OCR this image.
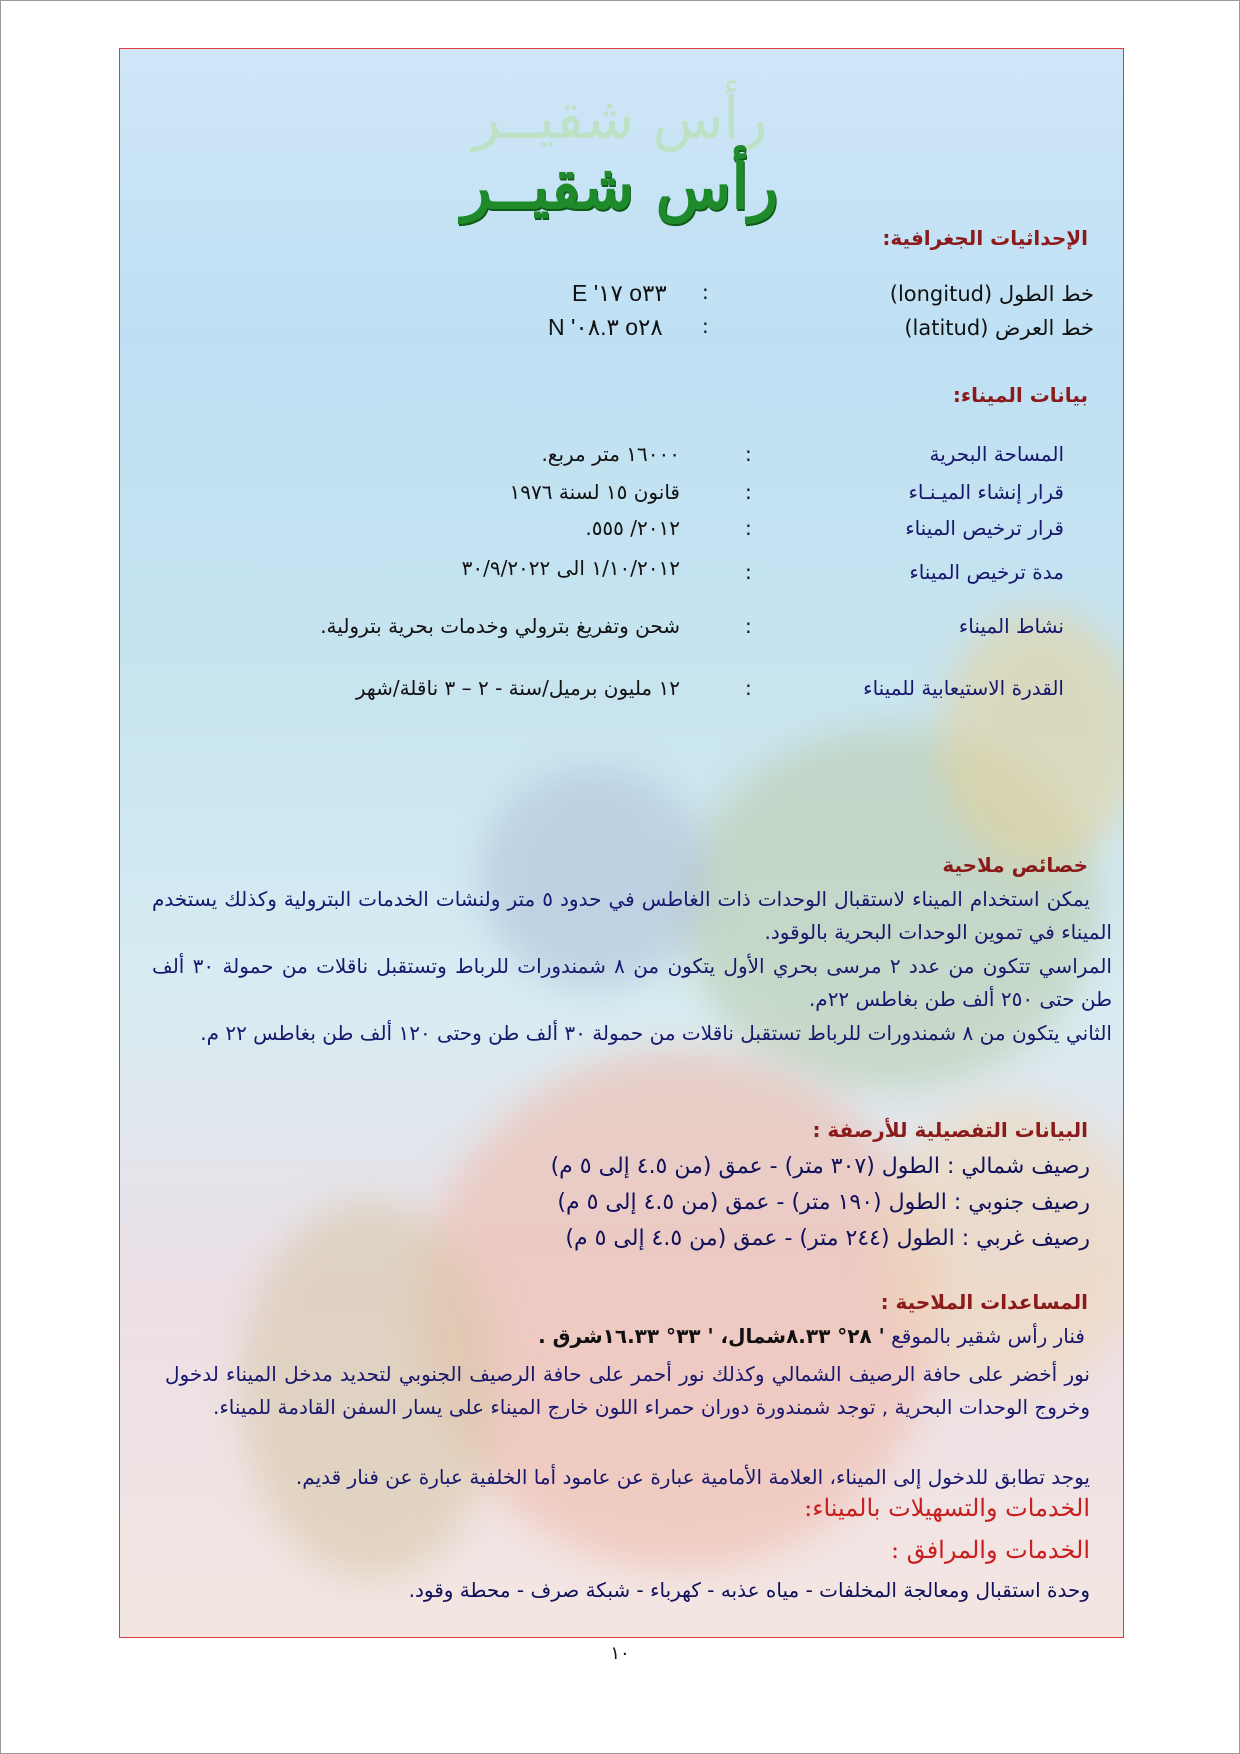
رأس شقيــر
رأس شقيــر
الإحداثيات الجغرافية:
خط الطول (longitud)
:
E '١٧ o٣٣
خط العرض (latitud)
:
N '٠٨.٣ o٢٨
بيانات الميناء:
المساحة البحرية
:
١٦٠٠٠ متر مربع.
قرار إنشاء الميـنـاء
:
قانون ١٥ لسنة ١٩٧٦
قرار ترخيص الميناء
:
٢٠١٢/ ٥٥٥.
مدة ترخيص الميناء
:
١/١٠/٢٠١٢ الى ٣٠/٩/٢٠٢٢
نشاط الميناء
:
شحن وتفريغ بترولي وخدمات بحرية بترولية.
القدرة الاستيعابية للميناء
:
١٢ مليون برميل/سنة - ٢ – ٣ ناقلة/شهر
خصائص ملاحية
يمكن استخدام الميناء لاستقبال الوحدات ذات الغاطس في حدود ٥ متر ولنشات الخدمات البترولية وكذلك يستخدم الميناء في تموين الوحدات البحرية بالوقود.
المراسي تتكون من عدد ٢ مرسى بحري الأول يتكون من ٨ شمندورات للرباط وتستقبل ناقلات من حمولة ٣٠ ألف طن حتى ٢٥٠ ألف طن بغاطس ٢٢م.
الثاني يتكون من ٨ شمندورات للرباط تستقبل ناقلات من حمولة ٣٠ ألف طن وحتى ١٢٠ ألف طن بغاطس ٢٢ م.
البيانات التفصيلية للأرصفة :
رصيف شمالي : الطول (٣٠٧ متر) - عمق (من ٤.٥ إلى ٥ م)
رصيف جنوبي : الطول (١٩٠ متر) - عمق (من ٤.٥ إلى ٥ م)
رصيف غربي : الطول (٢٤٤ متر) - عمق (من ٤.٥ إلى ٥ م)
المساعدات الملاحية :
فنار رأس شقير بالموقع ' ٢٨° ٨.٣٣شمال، ' ٣٣° ١٦.٣٣شرق .
نور أخضر على حافة الرصيف الشمالي وكذلك نور أحمر على حافة الرصيف الجنوبي لتحديد مدخل الميناء لدخول وخروج الوحدات البحرية , توجد شمندورة دوران حمراء اللون خارج الميناء على يسار السفن القادمة للميناء.
يوجد تطابق للدخول إلى الميناء، العلامة الأمامية عبارة عن عامود أما الخلفية عبارة عن فنار قديم.
الخدمات والتسهيلات بالميناء:
الخدمات والمرافق :
وحدة استقبال ومعالجة المخلفات - مياه عذبه - كهرباء - شبكة صرف - محطة وقود.
١٠
